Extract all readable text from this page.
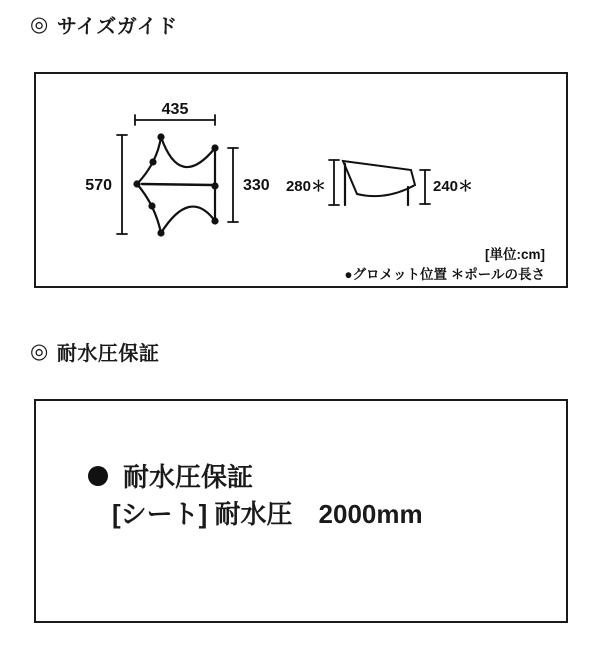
◎ サイズガイド
435
570	330 280＊	240＊
[単位:cm]
●グロメット位置 ＊ポールの長さ
◎ 耐水圧保証
耐水圧保証
[シート] 耐水圧　2000mm
